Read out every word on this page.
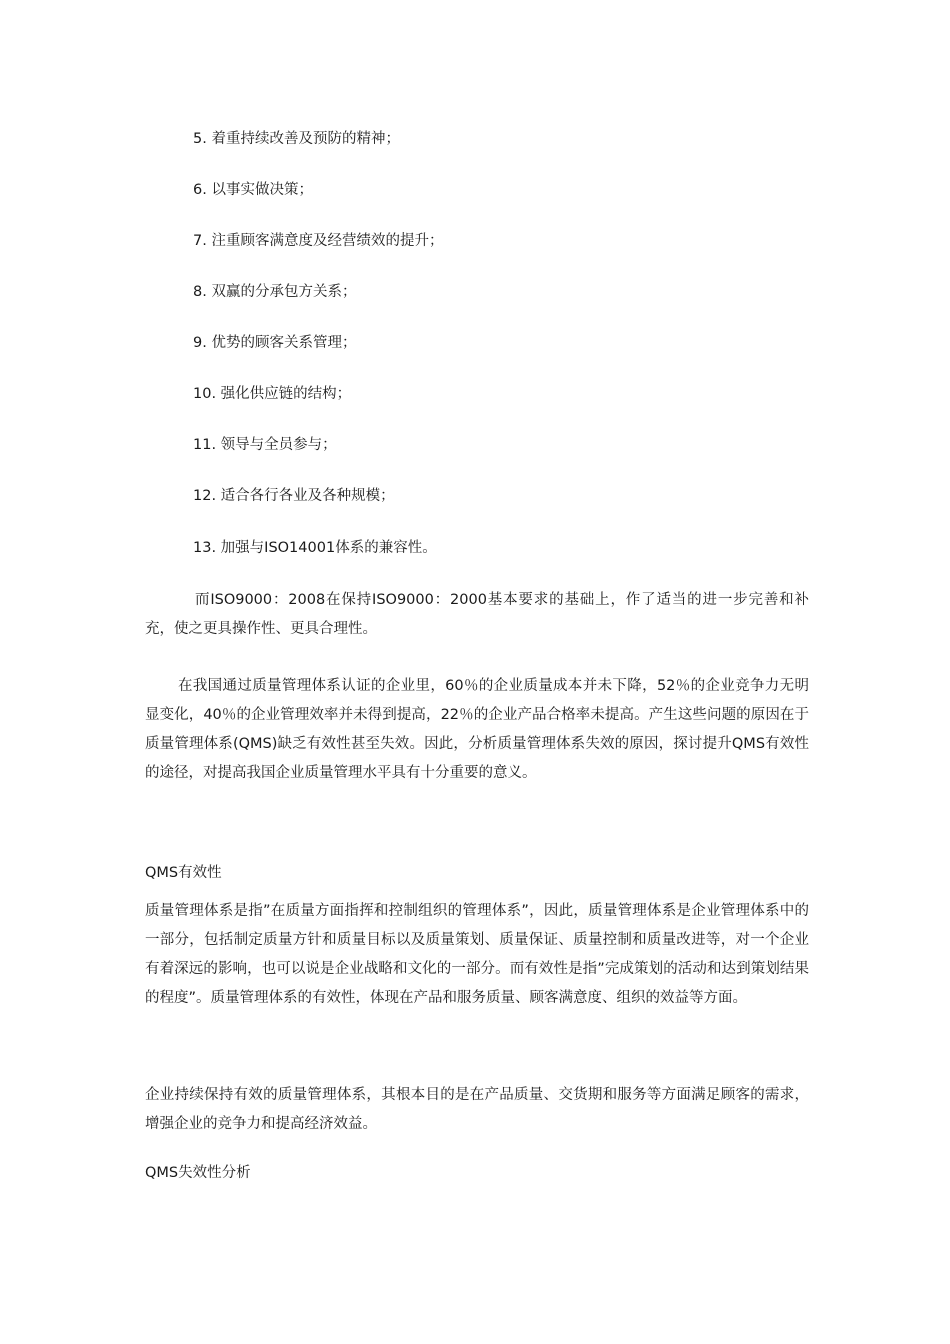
5. 着重持续改善及预防的精神；
6. 以事实做决策；
7. 注重顾客满意度及经营绩效的提升；
8. 双赢的分承包方关系；
9. 优势的顾客关系管理；
10. 强化供应链的结构；
11. 领导与全员参与；
12. 适合各行各业及各种规模；
13. 加强与ISO14001体系的兼容性。
而ISO9000：2008在保持ISO9000：2000基本要求的基础上，作了适当的进一步完善和补充，使之更具操作性、更具合理性。
在我国通过质量管理体系认证的企业里，60％的企业质量成本并未下降，52％的企业竞争力无明显变化，40％的企业管理效率并未得到提高，22％的企业产品合格率未提高。产生这些问题的原因在于质量管理体系(QMS)缺乏有效性甚至失效。因此，分析质量管理体系失效的原因，探讨提升QMS有效性的途径，对提高我国企业质量管理水平具有十分重要的意义。
QMS有效性
质量管理体系是指”在质量方面指挥和控制组织的管理体系”，因此，质量管理体系是企业管理体系中的一部分，包括制定质量方针和质量目标以及质量策划、质量保证、质量控制和质量改进等，对一个企业有着深远的影响，也可以说是企业战略和文化的一部分。而有效性是指”完成策划的活动和达到策划结果的程度”。质量管理体系的有效性，体现在产品和服务质量、顾客满意度、组织的效益等方面。
企业持续保持有效的质量管理体系，其根本目的是在产品质量、交货期和服务等方面满足顾客的需求，增强企业的竞争力和提高经济效益。
QMS失效性分析
